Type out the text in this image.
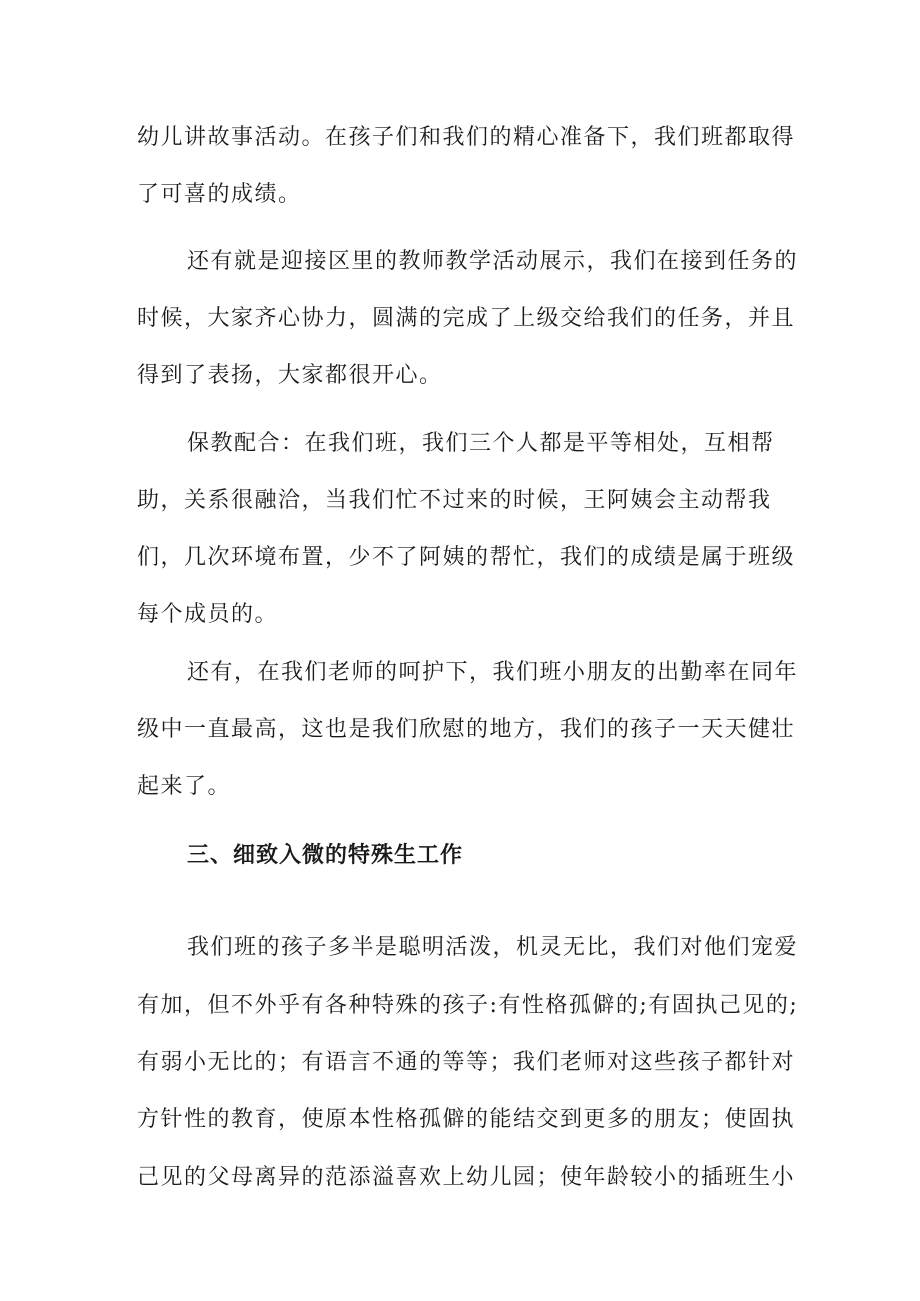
幼儿讲故事活动。在孩子们和我们的精心准备下，我们班都取得
了可喜的成绩。
还有就是迎接区里的教师教学活动展示，我们在接到任务的
时候，大家齐心协力，圆满的完成了上级交给我们的任务，并且
得到了表扬，大家都很开心。
保教配合：在我们班，我们三个人都是平等相处，互相帮
助，关系很融洽，当我们忙不过来的时候，王阿姨会主动帮我
们，几次环境布置，少不了阿姨的帮忙，我们的成绩是属于班级
每个成员的。
还有，在我们老师的呵护下，我们班小朋友的出勤率在同年
级中一直最高，这也是我们欣慰的地方，我们的孩子一天天健壮
起来了。
三、细致入微的特殊生工作
我们班的孩子多半是聪明活泼，机灵无比，我们对他们宠爱
有加，但不外乎有各种特殊的孩子:有性格孤僻的;有固执己见的;
有弱小无比的；有语言不通的等等；我们老师对这些孩子都针对
方针性的教育，使原本性格孤僻的能结交到更多的朋友；使固执
己见的父母离异的范添溢喜欢上幼儿园；使年龄较小的插班生小
